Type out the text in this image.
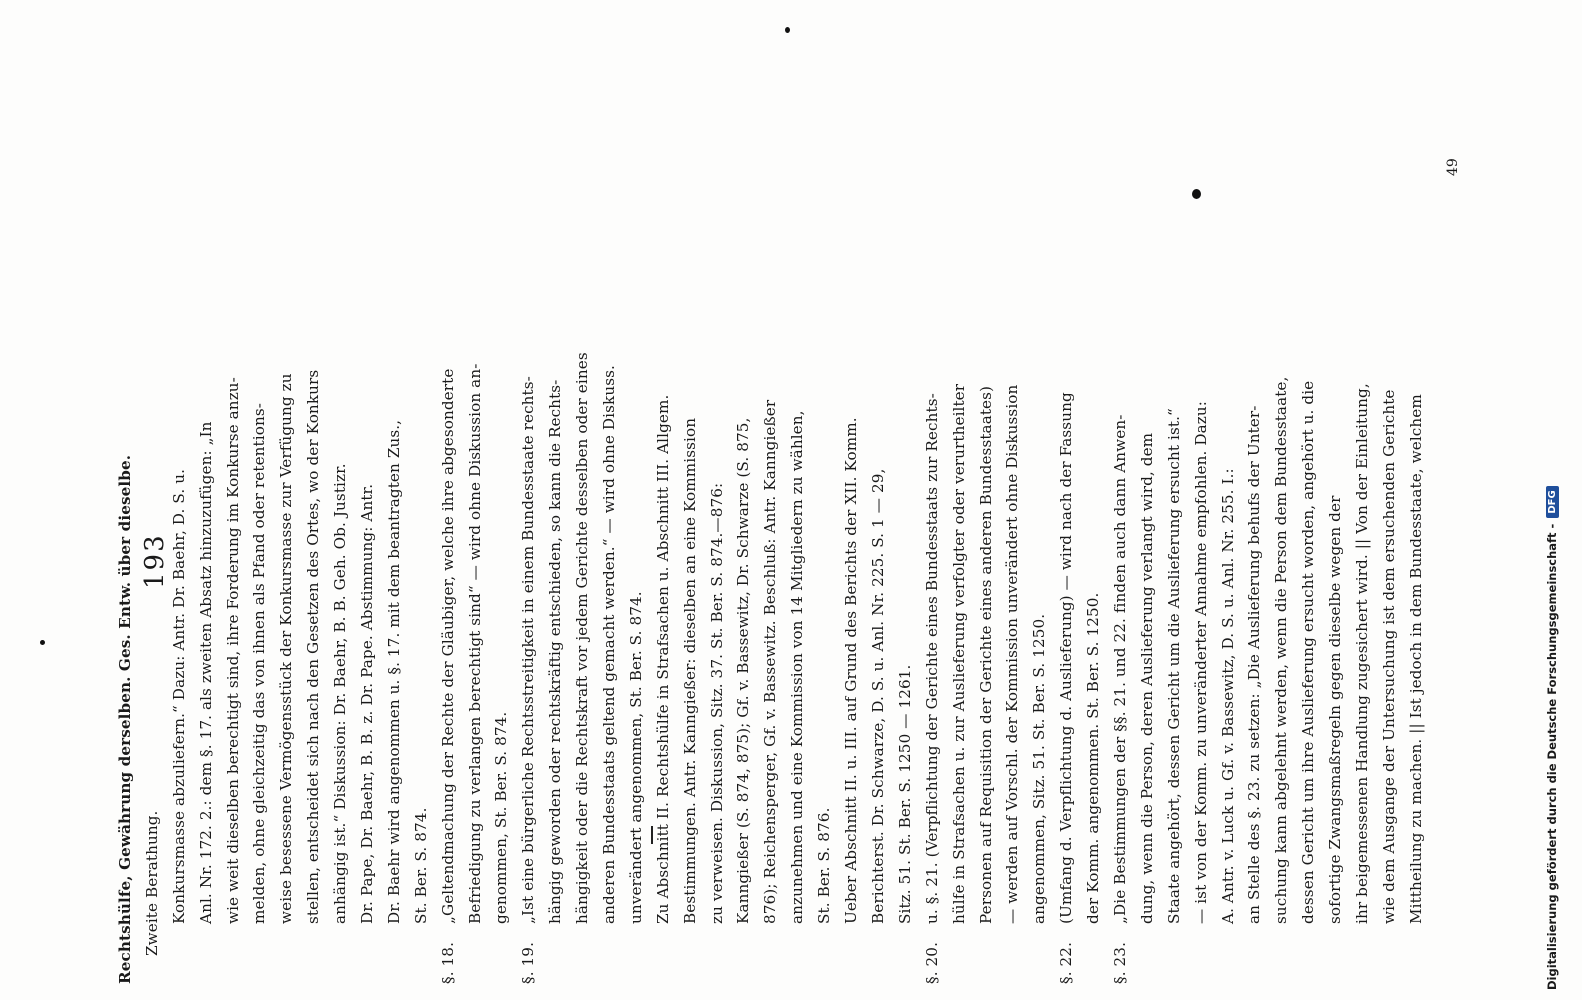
193
Rechtshülfe, Gewährung derselben. Ges. Entw. über dieselbe. Zweite Berathung. Konkursmasse abzuliefern.“ Dazu: Antr. Dr. Baehr, D. S. u. Anl. Nr. 172. 2.: dem §. 17. als zweiten Absatz hinzuzufügen: „In wie weit dieselben berechtigt sind, ihre Forderung im Konkurse anzu- melden, ohne gleichzeitig das von ihnen als Pfand oder retentions- weise besessene Vermögensstück der Konkursmasse zur Verfügung zu stellen, entscheidet sich nach den Gesetzen des Ortes, wo der Konkurs anhängig ist.“ Diskussion: Dr. Baehr, B. B. Geh. Ob. Justizr. Dr. Pape, Dr. Baehr, B. B. z. Dr. Pape. Abstimmung: Antr. Dr. Baehr wird angenommen u. §. 17. mit dem beantragten Zus., St. Ber. S. 874.
§. 18.„Geltendmachung der Rechte der Gläubiger, welche ihre abgesonderte Befriedigung zu verlangen berechtigt sind“ — wird ohne Diskussion an- genommen, St. Ber. S. 874.
§. 19.„Ist eine bürgerliche Rechtsstreitigkeit in einem Bundesstaate rechts- hängig geworden oder rechtskräftig entschieden, so kann die Rechts- hängigkeit oder die Rechtskraft vor jedem Gerichte desselben oder eines anderen Bundesstaats geltend gemacht werden.“ — wird ohne Diskuss. unverändert angenommen, St. Ber. S. 874. Zu Abschnitt II. Rechtshülfe in Strafsachen u. Abschnitt III. Allgem. Bestimmungen. Antr. Kanngießer: dieselben an eine Kommission zu verweisen. Diskussion, Sitz. 37. St. Ber. S. 874.—876: Kanngießer (S. 874, 875); Gf. v. Bassewitz, Dr. Schwarze (S. 875, 876); Reichensperger, Gf. v. Bassewitz. Beschluß: Antr. Kanngießer anzunehmen und eine Kommission von 14 Mitgliedern zu wählen, St. Ber. S. 876. Ueber Abschnitt II. u. III. auf Grund des Berichts der XII. Komm. Berichterst. Dr. Schwarze, D. S. u. Anl. Nr. 225. S. 1 — 29, Sitz. 51. St. Ber. S. 1250 — 1261.
§. 20.u. §. 21. (Verpflichtung der Gerichte eines Bundesstaats zur Rechts- hülfe in Strafsachen u. zur Auslieferung verfolgter oder verurtheilter Personen auf Requisition der Gerichte eines anderen Bundesstaates) — werden auf Vorschl. der Kommission unverändert ohne Diskussion angenommen, Sitz. 51. St. Ber. S. 1250.
§. 22.(Umfang d. Verpflichtung d. Auslieferung) — wird nach der Fassung der Komm. angenommen. St. Ber. S. 1250.
§. 23.„Die Bestimmungen der §§. 21. und 22. finden auch dann Anwen- dung, wenn die Person, deren Auslieferung verlangt wird, dem Staate angehört, dessen Gericht um die Auslieferung ersucht ist.“ — ist von der Komm. zu unveränderter Annahme empfohlen. Dazu: A. Antr. v. Luck u. Gf. v. Bassewitz, D. S. u. Anl. Nr. 255. I.: an Stelle des §. 23. zu setzen: „Die Auslieferung behufs der Unter- suchung kann abgelehnt werden, wenn die Person dem Bundesstaate, dessen Gericht um ihre Auslieferung ersucht worden, angehört u. die sofortige Zwangsmaßregeln gegen dieselbe wegen der ihr beigemessenen Handlung zugesichert wird. || Von der Einleitung, wie dem Ausgange der Untersuchung ist dem ersuchenden Gerichte Mittheilung zu machen. || Ist jedoch in dem Bundesstaate, welchem
49
Digitalisierung gefördert durch die Deutsche Forschungsgemeinschaft -
DFG
